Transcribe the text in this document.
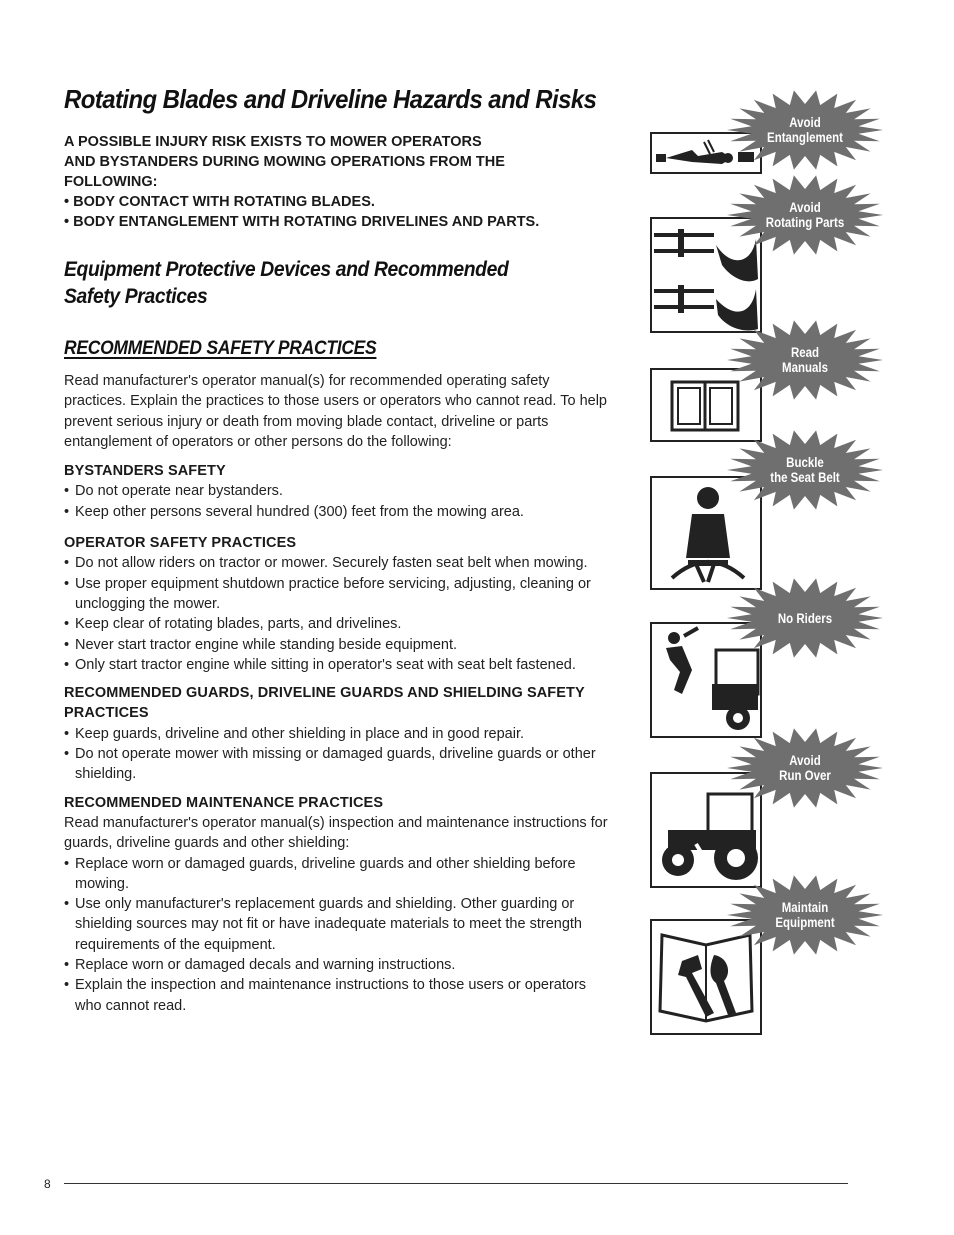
Rotating Blades and Driveline Hazards and Risks
A POSSIBLE INJURY RISK EXISTS TO MOWER OPERATORS
AND BYSTANDERS DURING MOWING OPERATIONS FROM THE
FOLLOWING:
• BODY CONTACT WITH ROTATING BLADES.
• BODY ENTANGLEMENT WITH ROTATING DRIVELINES AND PARTS.
Equipment Protective Devices and Recommended
Safety Practices
RECOMMENDED SAFETY PRACTICES

Read manufacturer's operator manual(s) for recommended operating safety practices. Explain the practices to those users or operators who cannot read. To help prevent serious injury or death from moving blade contact, driveline or parts entanglement of operators or other persons do the following:

BYSTANDERS SAFETY

• Do not operate near bystanders.
• Keep other persons several hundred (300) feet from the mowing area.

OPERATOR SAFETY PRACTICES

• Do not allow riders on tractor or mower. Securely fasten seat belt when mowing.
• Use proper equipment shutdown practice before servicing, adjusting, cleaning or unclogging the mower.
• Keep clear of rotating blades, parts, and drivelines.
• Never start tractor engine while standing beside equipment.
• Only start tractor engine while sitting in operator's seat with seat belt fastened.

RECOMMENDED GUARDS, DRIVELINE GUARDS AND SHIELDING SAFETY PRACTICES

• Keep guards, driveline and other shielding in place and in good repair.
• Do not operate mower with missing or damaged guards, driveline guards or other shielding.

RECOMMENDED MAINTENANCE PRACTICES

Read manufacturer's operator manual(s) inspection and maintenance instructions for guards, driveline guards and other shielding:

• Replace worn or damaged guards, driveline guards and other shielding before mowing.
• Use only manufacturer's replacement guards and shielding. Other guarding or shielding sources may not fit or have inadequate materials to meet the strength requirements of the equipment.
• Replace worn or damaged decals and warning instructions.
• Explain the inspection and maintenance instructions to those users or operators who cannot read.
Avoid
Entanglement
Avoid
Rotating Parts
Read
Manuals
Buckle
the Seat Belt
No Riders
Avoid
Run Over
Maintain
Equipment
8
